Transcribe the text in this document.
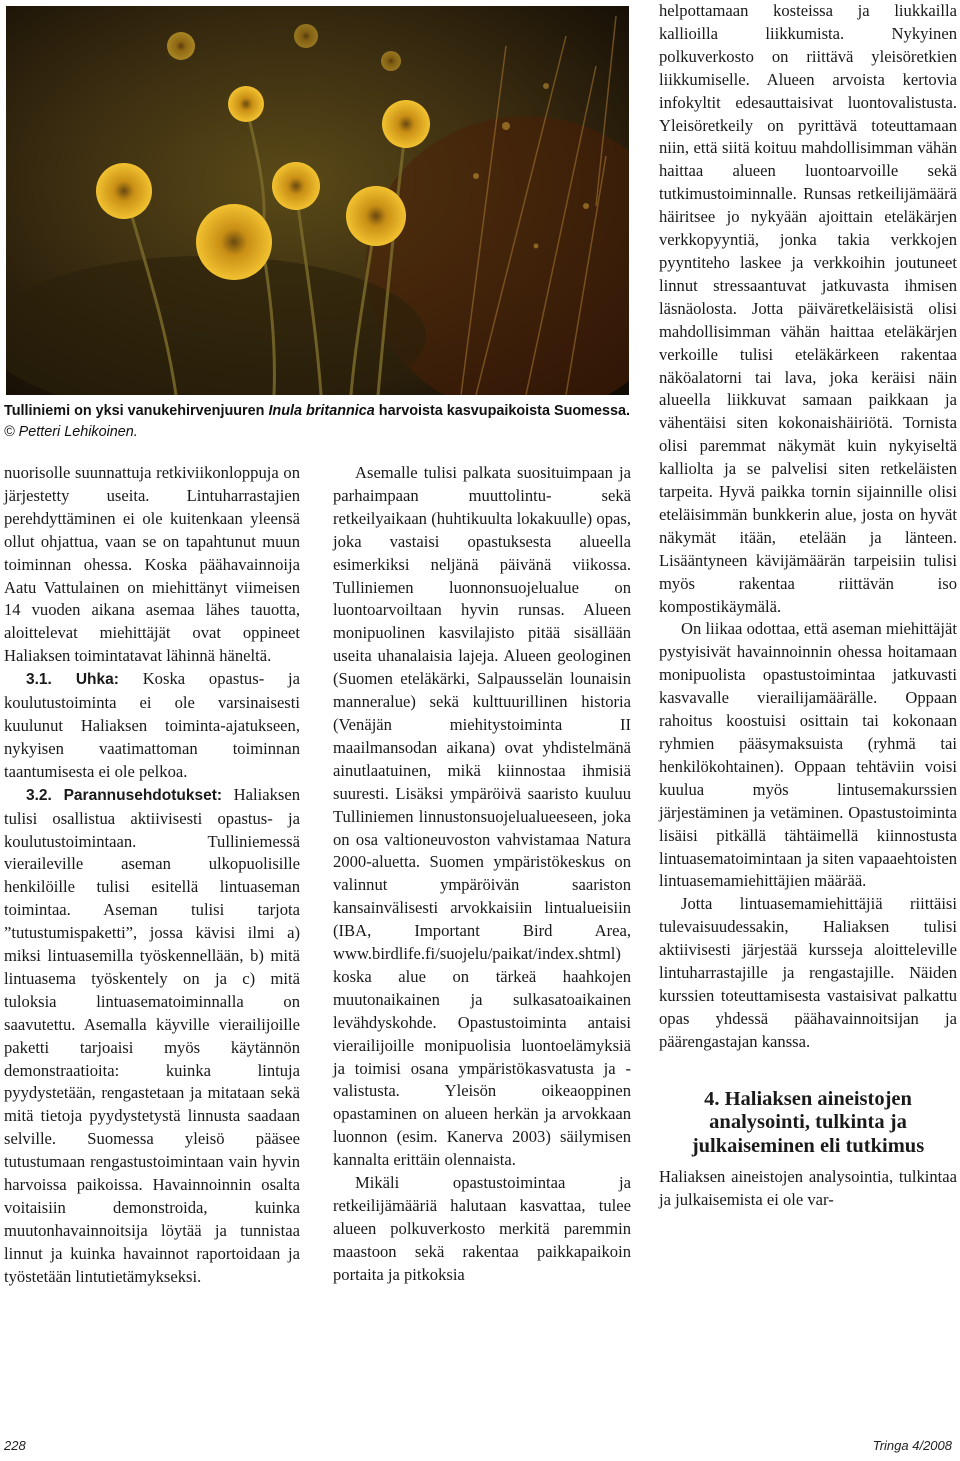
Tulliniemi on yksi vanukehirvenjuuren Inula britannica harvoista kasvupaikoista Suomessa. © Petteri Lehikoinen.

nuorisolle suunnattuja retkiviikonloppuja on järjestetty useita. Lintuharrastajien perehdyttäminen ei ole kuitenkaan yleensä ollut ohjattua, vaan se on tapahtunut muun toiminnan ohessa. Koska päähavainnoija Aatu Vattulainen on miehittänyt viimeisen 14 vuoden aikana asemaa lähes tauotta, aloittelevat miehittäjät ovat oppineet Haliaksen toimintatavat lähinnä häneltä.

3.1. Uhka: Koska opastus- ja koulutustoiminta ei ole varsinaisesti kuulunut Haliaksen toiminta-ajatukseen, nykyisen vaatimattoman toiminnan taantumisesta ei ole pelkoa.

3.2. Parannusehdotukset: Haliaksen tulisi osallistua aktiivisesti opastus- ja koulutustoimintaan. Tulliniemessä vieraileville aseman ulkopuolisille henkilöille tulisi esitellä lintuaseman toimintaa. Aseman tulisi tarjota ”tutustumispaketti”, jossa kävisi ilmi a) miksi lintuasemilla työskennellään, b) mitä lintuasema työskentely on ja c) mitä tuloksia lintuasematoiminnalla on saavutettu. Asemalla käyville vierailijoille paketti tarjoaisi myös käytännön demonstraatioita: kuinka lintuja pyydystetään, rengastetaan ja mitataan sekä mitä tietoja pyydystetystä linnusta saadaan selville. Suomessa yleisö pääsee tutustumaan rengastustoimintaan vain hyvin harvoissa paikoissa. Havainnoinnin osalta voitaisiin demonstroida, kuinka muutonhavainnoitsija löytää ja tunnistaa linnut ja kuinka havainnot raportoidaan ja työstetään lintutietämykseksi.

Asemalle tulisi palkata suosituimpaan ja parhaimpaan muuttolintu- sekä retkeilyaikaan (huhtikuulta lokakuulle) opas, joka vastaisi opastuksesta alueella esimerkiksi neljänä päivänä viikossa. Tulliniemen luonnonsuojelualue on luontoarvoiltaan hyvin runsas. Alueen monipuolinen kasvilajisto pitää sisällään useita uhanalaisia lajeja. Alueen geologinen (Suomen eteläkärki, Salpausselän lounaisin manneralue) sekä kulttuurillinen historia (Venäjän miehitystoiminta II maailmansodan aikana) ovat yhdistelmänä ainutlaatuinen, mikä kiinnostaa ihmisiä suuresti. Lisäksi ympäröivä saaristo kuuluu Tulliniemen linnustonsuojelualueeseen, joka on osa valtioneuvoston vahvistamaa Natura 2000-aluetta. Suomen ympäristökeskus on valinnut ympäröivän saariston kansainvälisesti arvokkaisiin lintualueisiin (IBA, Important Bird Area, www.birdlife.fi/suojelu/paikat/index.shtml) koska alue on tärkeä haahkojen muutonaikainen ja sulkasatoaikainen levähdyskohde. Opastustoiminta antaisi vierailijoille monipuolisia luontoelämyksiä ja toimisi osana ympäristökasvatusta ja -valistusta. Yleisön oikeaoppinen opastaminen on alueen herkän ja arvokkaan luonnon (esim. Kanerva 2003) säilymisen kannalta erittäin olennaista.

Mikäli opastustoimintaa ja retkeilijämääriä halutaan kasvattaa, tulee alueen polkuverkosto merkitä paremmin maastoon sekä rakentaa paikkapaikoin portaita ja pitkoksia

helpottamaan kosteissa ja liukkailla kallioilla liikkumista. Nykyinen polkuverkosto on riittävä yleisöretkien liikkumiselle. Alueen arvoista kertovia infokyltit edesauttaisivat luontovalistusta. Yleisöretkeily on pyrittävä toteuttamaan niin, että siitä koituu mahdollisimman vähän haittaa alueen luontoarvoille sekä tutkimustoiminnalle. Runsas retkeilijämäärä häiritsee jo nykyään ajoittain eteläkärjen verkkopyyntiä, jonka takia verkkojen pyyntiteho laskee ja verkkoihin joutuneet linnut stressaantuvat jatkuvasta ihmisen läsnäolosta. Jotta päiväretkeläisistä olisi mahdollisimman vähän haittaa eteläkärjen verkoille tulisi eteläkärkeen rakentaa näköalatorni tai lava, joka keräisi näin alueella liikkuvat samaan paikkaan ja vähentäisi siten kokonaishäiriötä. Tornista olisi paremmat näkymät kuin nykyiseltä kalliolta ja se palvelisi siten retkeläisten tarpeita. Hyvä paikka tornin sijainnille olisi eteläisimmän bunkkerin alue, josta on hyvät näkymät itään, etelään ja länteen. Lisääntyneen kävijämäärän tarpeisiin tulisi myös rakentaa riittävän iso kompostikäymälä.

On liikaa odottaa, että aseman miehittäjät pystyisivät havainnoinnin ohessa hoitamaan monipuolista opastustoimintaa jatkuvasti kasvavalle vierailijamäärälle. Oppaan rahoitus koostuisi osittain tai kokonaan ryhmien pääsymaksuista (ryhmä tai henkilökohtainen). Oppaan tehtäviin voisi kuulua myös lintusemakurssien järjestäminen ja vetäminen. Opastustoiminta lisäisi pitkällä tähtäimellä kiinnostusta lintuasematoimintaan ja siten vapaaehtoisten lintuasemamiehittäjien määrää.

Jotta lintuasemamiehittäjiä riittäisi tulevaisuudessakin, Haliaksen tulisi aktiivisesti järjestää kursseja aloitteleville lintuharrastajille ja rengastajille. Näiden kurssien toteuttamisesta vastaisivat palkattu opas yhdessä päähavainnoitsijan ja päärengastajan kanssa.

4. Haliaksen aineistojen analysointi, tulkinta ja julkaiseminen eli tutkimus

Haliaksen aineistojen analysointia, tulkintaa ja julkaisemista ei ole var-

228	Tringa 4/2008
